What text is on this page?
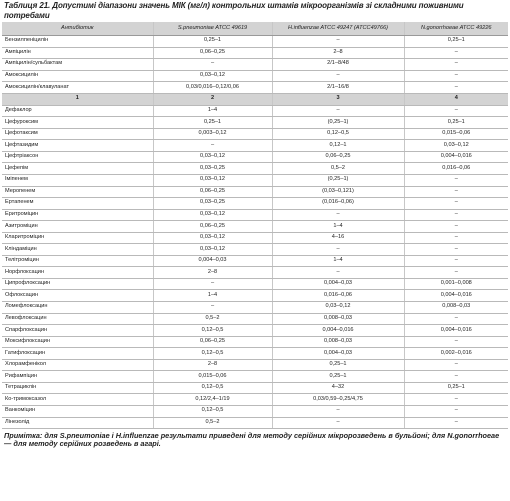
Таблиця 21. Допустимі діапазони значень МІК (мг/л) контрольних штамів мікроорганізмів зі складними поживними потребами
Антибіотик	S.pneumoniae ATCC 49619	H.influenzae ATCC 49247 (ATCC49766)	N.gonorrhoeae ATCC 49226
Бензилпеніцилін	0,25–1	–	0,25–1
Ампіцилін	0,06–0,25	2–8	–
Ампіцилін/сульбактам	–	2/1–8/48	–
Амоксицилін	0,03–0,12	–	–
Амоксицилін/клавуланат	0,03/0,016–0,12/0,06	2/1–16/8	–
1	2	3	4
Дефаклор	1–4	–	–
Цефуроксим	0,25–1	(0,25–1)	0,25–1
Цефотаксим	0,003–0,12	0,12–0,5	0,015–0,06
Цефтазидим	–	0,12–1	0,03–0,12
Цефтріаксон	0,03–0,12	0,06–0,25	0,004–0,016
Цефепім	0,03–0,25	0,5–2	0,016–0,06
Іміпенем	0,03–0,12	(0,25–1)	–
Меропенем	0,06–0,25	(0,03–0,121)	–
Ертапенем	0,03–0,25	(0,016–0,06)	–
Еритроміцин	0,03–0,12	–	–
Азитроміцин	0,06–0,25	1–4	–
Кларитроміцин	0,03–0,12	4–16	–
Кліндаміцин	0,03–0,12	–	–
Телітроміцин	0,004–0,03	1–4	–
Норфлоксацин	2–8	–	–
Ципрофлоксацин	–	0,004–0,03	0,001–0,008
Офлоксацин	1–4	0,016–0,06	0,004–0,016
Ломефлоксацин	–	0,03–0,12	0,008–0,03
Левофлоксацин	0,5–2	0,008–0,03	–
Спарфлоксацин	0,12–0,5	0,004–0,016	0,004–0,016
Моксифлоксацин	0,06–0,25	0,008–0,03	–
Гатифлоксацин	0,12–0,5	0,004–0,03	0,002–0,016
Хлорамфенікол	2–8	0,25–1	–
Рифампіцин	0,015–0,06	0,25–1	–
Тетрациклін	0,12–0,5	4–32	0,25–1
Ко-тримоксазол	0,12/2,4–1/19	0,03/0,59–0,25/4,75	–
Ванкоміцин	0,12–0,5	–	–
Лінезолід	0,5–2	–	–
Примітка: для S.pneumoniae і H.influenzae результати приведені для методу серійних мікророзведень в бульйоні; для N.gonorrhoeae — для методу серійних розведень в агарі.
